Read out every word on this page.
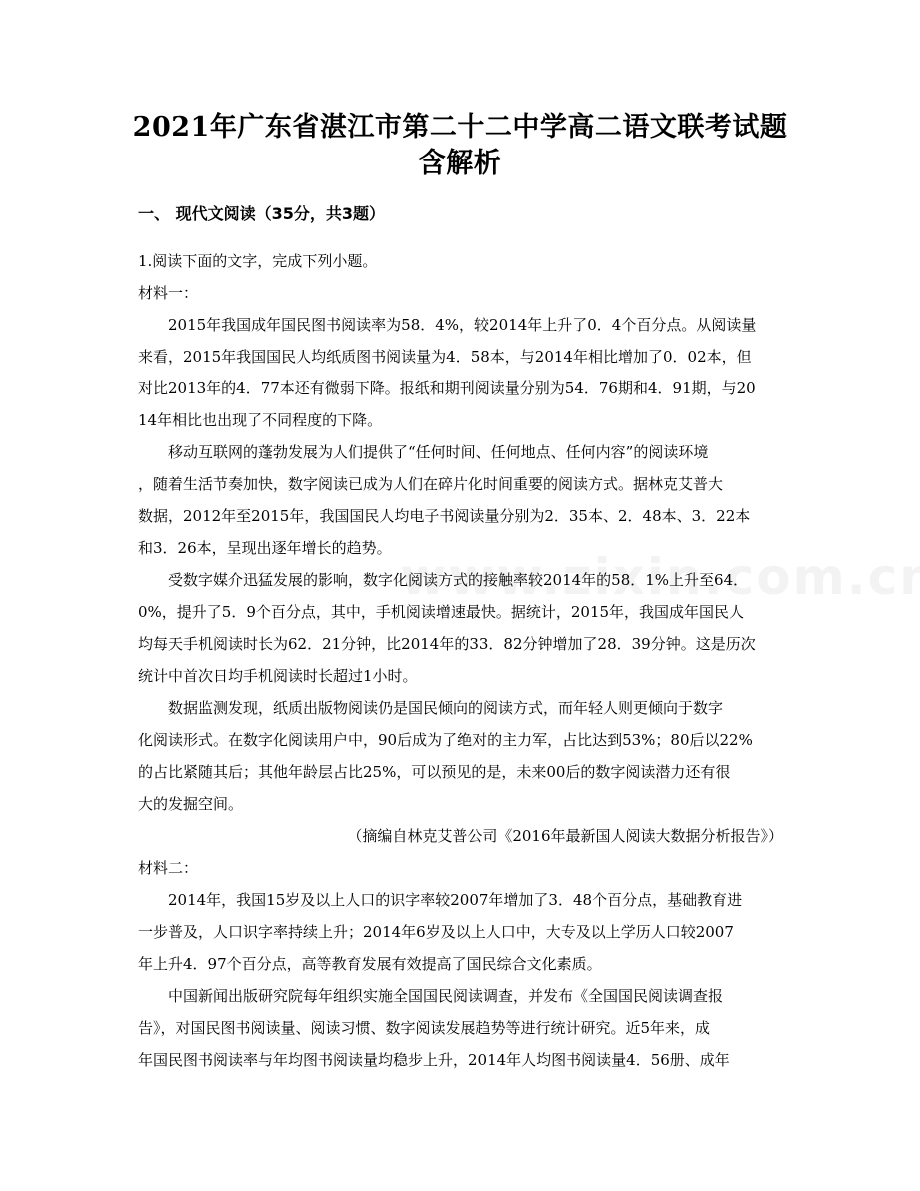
2021年广东省湛江市第二十二中学高二语文联考试题
含解析
一、 现代文阅读（35分，共3题）
1.阅读下面的文字，完成下列小题。
材料一：
2015年我国成年国民图书阅读率为58．4%，较2014年上升了0．4个百分点。从阅读量
来看，2015年我国国民人均纸质图书阅读量为4．58本，与2014年相比增加了0．02本，但
对比2013年的4．77本还有微弱下降。报纸和期刊阅读量分别为54．76期和4．91期，与20
14年相比也出现了不同程度的下降。
移动互联网的蓬勃发展为人们提供了“任何时间、任何地点、任何内容”的阅读环境
，随着生活节奏加快，数字阅读已成为人们在碎片化时间重要的阅读方式。据林克艾普大
数据，2012年至2015年，我国国民人均电子书阅读量分别为2．35本、2．48本、3．22本
和3．26本，呈现出逐年增长的趋势。
受数字媒介迅猛发展的影响，数字化阅读方式的接触率较2014年的58．1%上升至64．
0%，提升了5．9个百分点，其中，手机阅读增速最快。据统计，2015年，我国成年国民人
均每天手机阅读时长为62．21分钟，比2014年的33．82分钟增加了28．39分钟。这是历次
统计中首次日均手机阅读时长超过1小时。
数据监测发现，纸质出版物阅读仍是国民倾向的阅读方式，而年轻人则更倾向于数字
化阅读形式。在数字化阅读用户中，90后成为了绝对的主力军，占比达到53%；80后以22%
的占比紧随其后；其他年龄层占比25%，可以预见的是，未来00后的数字阅读潜力还有很
大的发掘空间。
（摘编自林克艾普公司《2016年最新国人阅读大数据分析报告》）
材料二：
2014年，我国15岁及以上人口的识字率较2007年增加了3．48个百分点，基础教育进
一步普及，人口识字率持续上升；2014年6岁及以上人口中，大专及以上学历人口较2007
年上升4．97个百分点，高等教育发展有效提高了国民综合文化素质。
中国新闻出版研究院每年组织实施全国国民阅读调查，并发布《全国国民阅读调查报
告》，对国民图书阅读量、阅读习惯、数字阅读发展趋势等进行统计研究。近5年来，成
年国民图书阅读率与年均图书阅读量均稳步上升，2014年人均图书阅读量4．56册、成年
